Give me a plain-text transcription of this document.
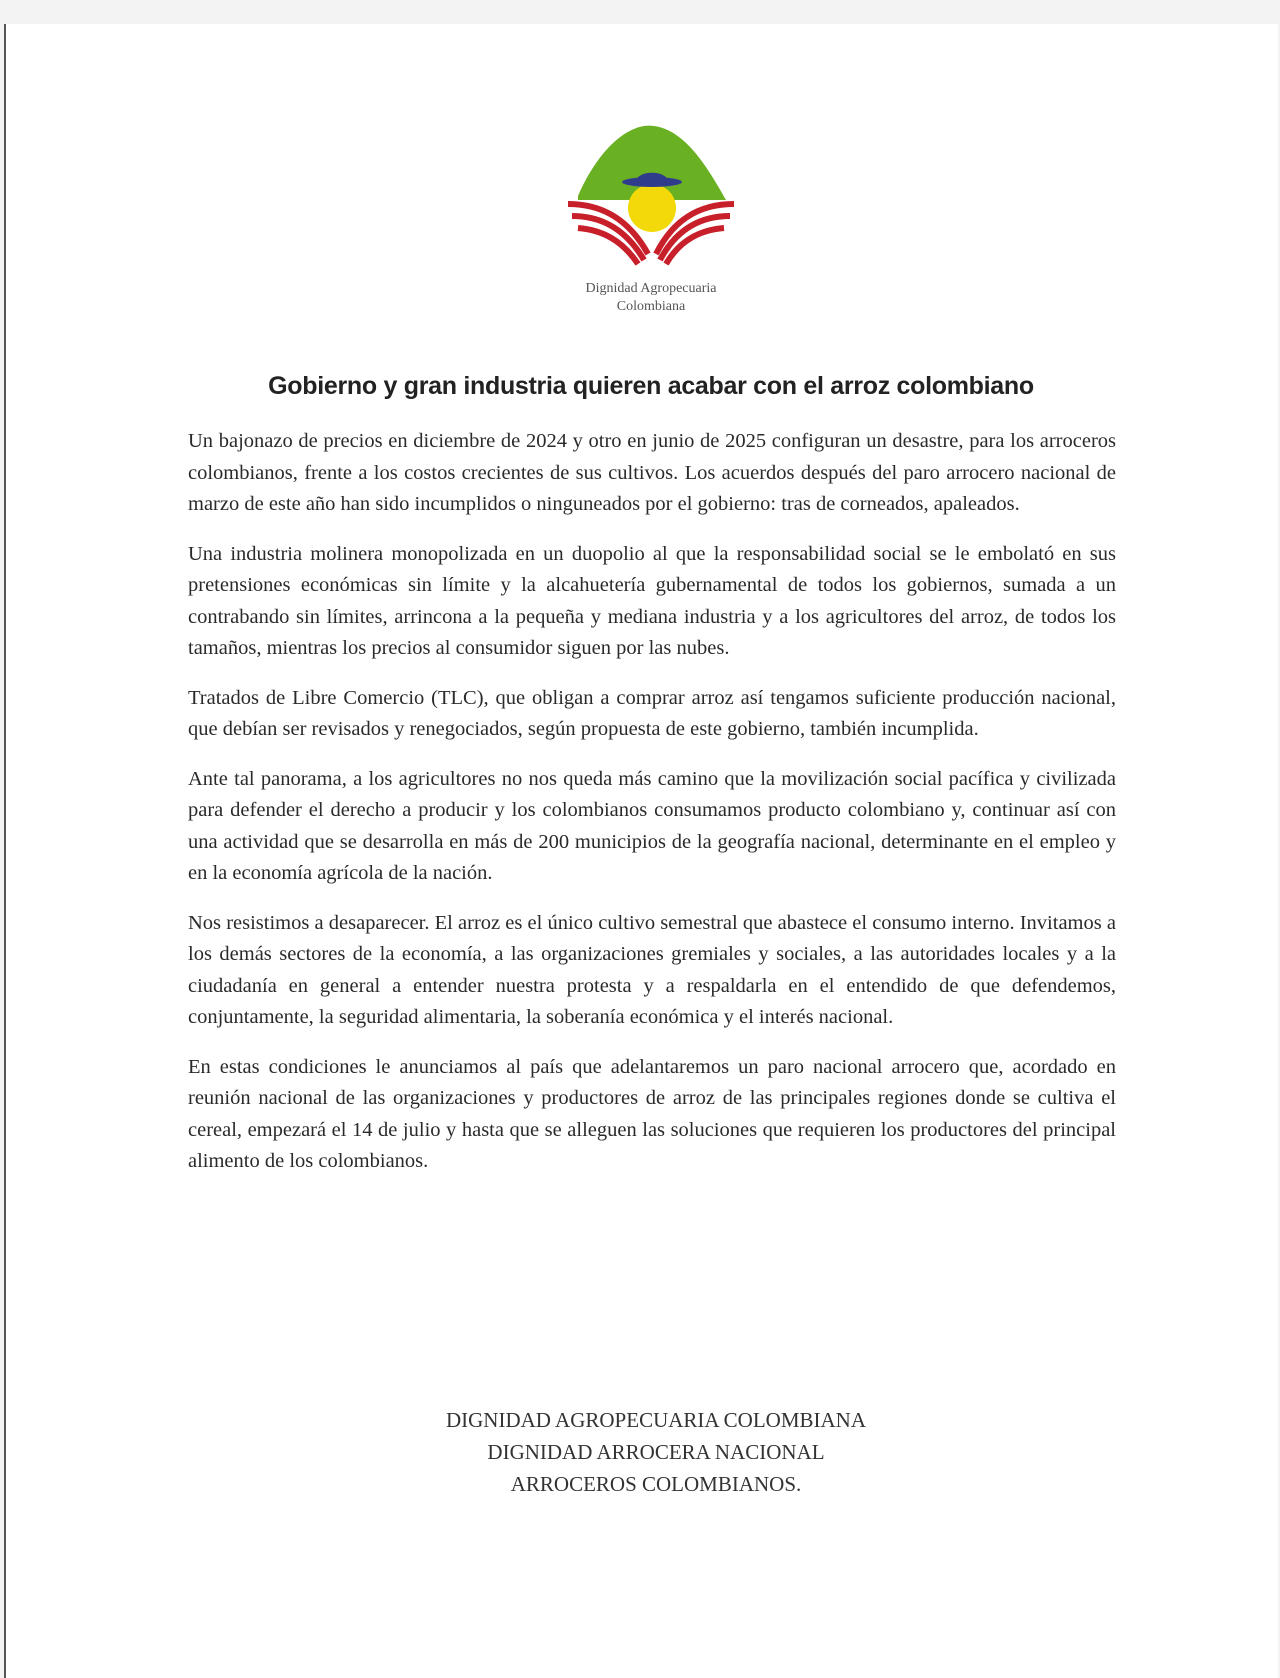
Dignidad Agropecuaria
Colombiana
Gobierno y gran industria quieren acabar con el arroz colombiano

Un bajonazo de precios en diciembre de 2024 y otro en junio de 2025 configuran un desastre, para los arroceros colombianos, frente a los costos crecientes de sus cultivos. Los acuerdos después del paro arrocero nacional de marzo de este año han sido incumplidos o ninguneados por el gobierno: tras de corneados, apaleados.

Una industria molinera monopolizada en un duopolio al que la responsabilidad social se le embolató en sus pretensiones económicas sin límite y la alcahuetería gubernamental de todos los gobiernos, sumada a un contrabando sin límites, arrincona a la pequeña y mediana industria y a los agricultores del arroz, de todos los tamaños, mientras los precios al consumidor siguen por las nubes.

Tratados de Libre Comercio (TLC), que obligan a comprar arroz así tengamos suficiente producción nacional, que debían ser revisados y renegociados, según propuesta de este gobierno, también incumplida.

Ante tal panorama, a los agricultores no nos queda más camino que la movilización social pacífica y civilizada para defender el derecho a producir y los colombianos consumamos producto colombiano y, continuar así con una actividad que se desarrolla en más de 200 municipios de la geografía nacional, determinante en el empleo y en la economía agrícola de la nación.

Nos resistimos a desaparecer. El arroz es el único cultivo semestral que abastece el consumo interno. Invitamos a los demás sectores de la economía, a las organizaciones gremiales y sociales, a las autoridades locales y a la ciudadanía en general a entender nuestra protesta y a respaldarla en el entendido de que defendemos, conjuntamente, la seguridad alimentaria, la soberanía económica y el interés nacional.

En estas condiciones le anunciamos al país que adelantaremos un paro nacional arrocero que, acordado en reunión nacional de las organizaciones y productores de arroz de las principales regiones donde se cultiva el cereal, empezará el 14 de julio y hasta que se alleguen las soluciones que requieren los productores del principal alimento de los colombianos.

DIGNIDAD AGROPECUARIA COLOMBIANA
DIGNIDAD ARROCERA NACIONAL
ARROCEROS COLOMBIANOS.
